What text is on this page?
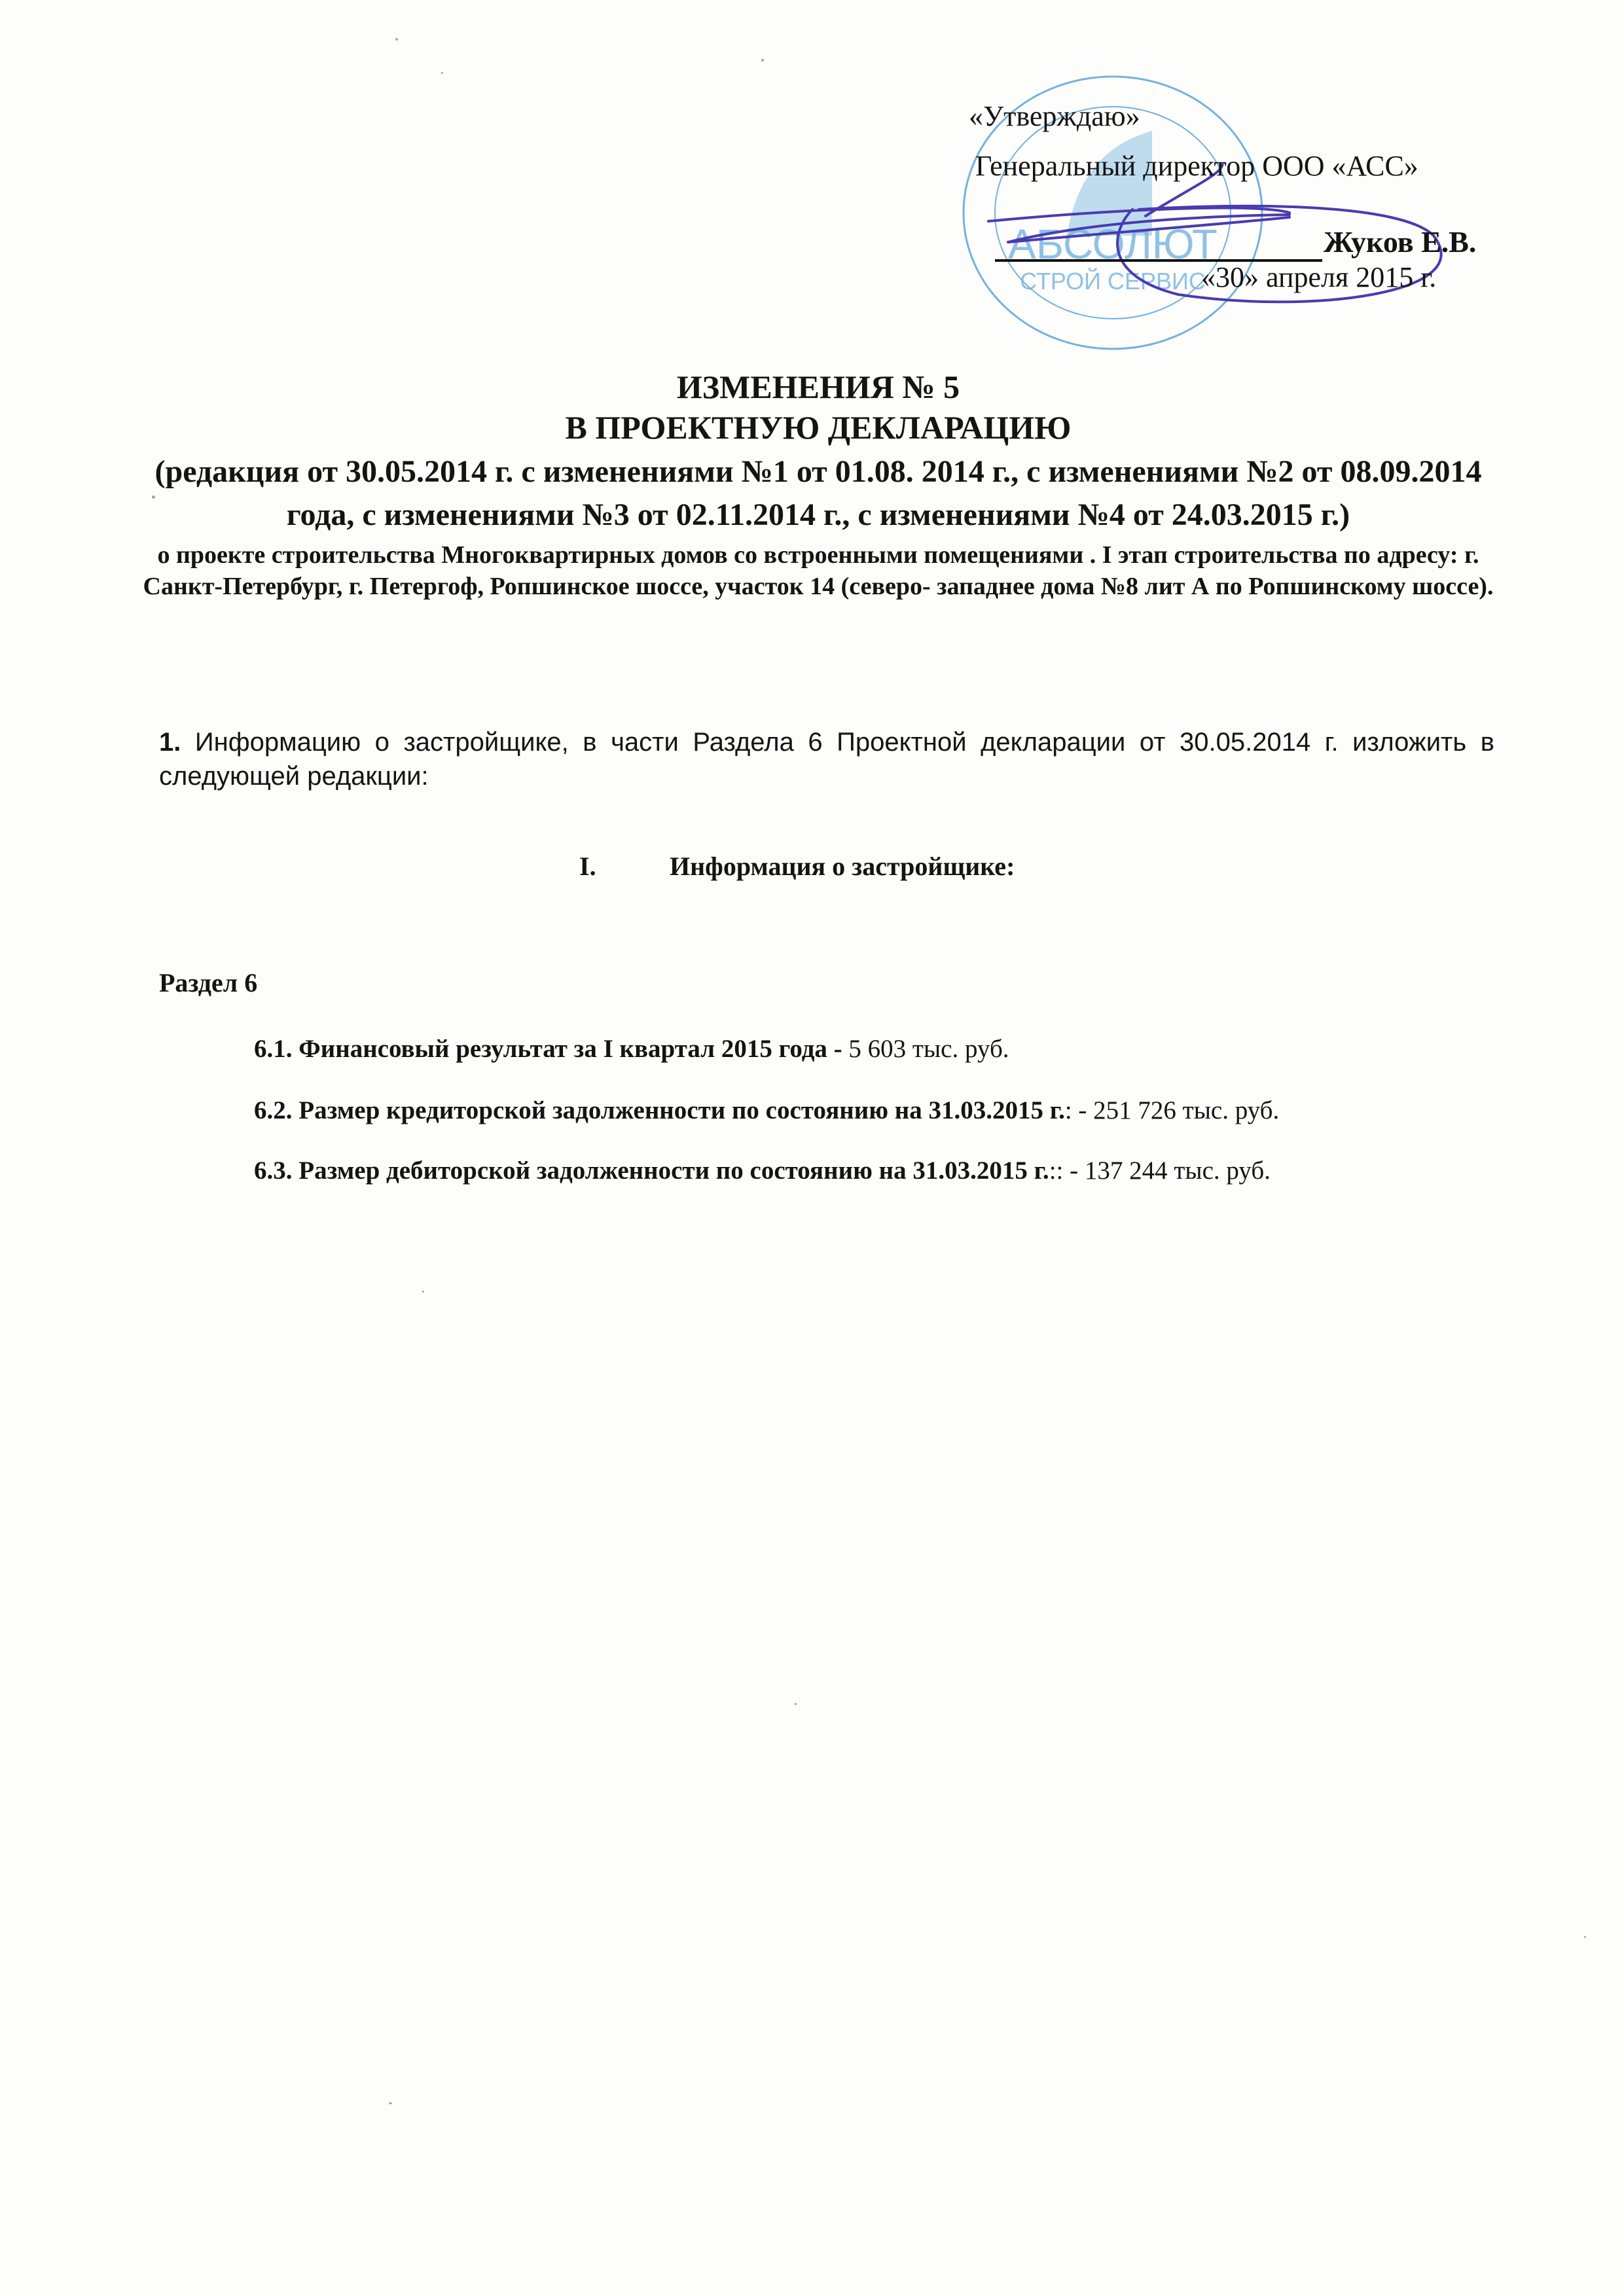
АБСОЛЮТ
СТРОЙ СЕРВИС
«Утверждаю»
Генеральный директор ООО «АСС»
Жуков Е.В.
«30» апреля 2015 г.
ИЗМЕНЕНИЯ № 5
В ПРОЕКТНУЮ ДЕКЛАРАЦИЮ
(редакция от 30.05.2014 г. с изменениями №1 от 01.08. 2014 г., с изменениями №2 от 08.09.2014 года, с изменениями №3 от 02.11.2014 г., с изменениями №4 от 24.03.2015 г.)
о проекте строительства Многоквартирных домов со встроенными помещениями . I этап строительства по адресу: г. Санкт-Петербург, г. Петергоф, Ропшинское шоссе, участок 14 (северо- западнее дома №8 лит А по Ропшинскому шоссе).
1. Информацию о застройщике, в части Раздела 6 Проектной декларации от 30.05.2014 г. изложить в следующей редакции:
I.	Информация о застройщике:
Раздел 6
6.1. Финансовый результат за I квартал 2015 года - 5 603 тыс. руб.
6.2. Размер кредиторской задолженности по состоянию на 31.03.2015 г.: - 251 726 тыс. руб.
6.3. Размер дебиторской задолженности по состоянию на 31.03.2015 г.:: - 137 244 тыс. руб.
